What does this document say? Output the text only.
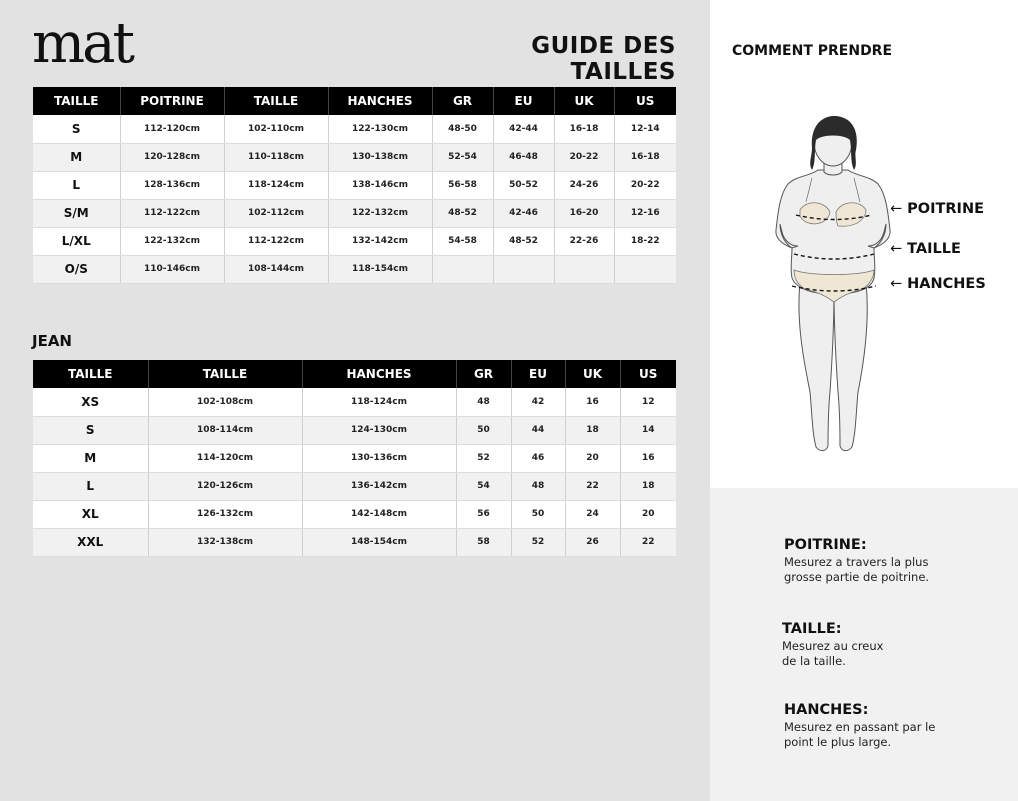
mat	GUIDE DES TAILLES
TAILLE	POITRINE	TAILLE	HANCHES	GR	EU	UK	US
S	112-120cm	102-110cm	122-130cm	48-50	42-44	16-18	12-14
M	120-128cm	110-118cm	130-138cm	52-54	46-48	20-22	16-18
L	128-136cm	118-124cm	138-146cm	56-58	50-52	24-26	20-22
S/M	112-122cm	102-112cm	122-132cm	48-52	42-46	16-20	12-16
L/XL	122-132cm	112-122cm	132-142cm	54-58	48-52	22-26	18-22
O/S	110-146cm	108-144cm	118-154cm				
JEAN
TAILLE	TAILLE	HANCHES	GR	EU	UK	US
XS	102-108cm	118-124cm	48	42	16	12
S	108-114cm	124-130cm	50	44	18	14
M	114-120cm	130-136cm	52	46	20	16
L	120-126cm	136-142cm	54	48	22	18
XL	126-132cm	142-148cm	56	50	24	20
XXL	132-138cm	148-154cm	58	52	26	22
COMMENT PRENDRE
← POITRINE
← TAILLE
← HANCHES
POITRINE:

Mesurez a travers la plus
grosse partie de poitrine.

TAILLE:

Mesurez au creux
de la taille.

HANCHES:

Mesurez en passant par le
point le plus large.
